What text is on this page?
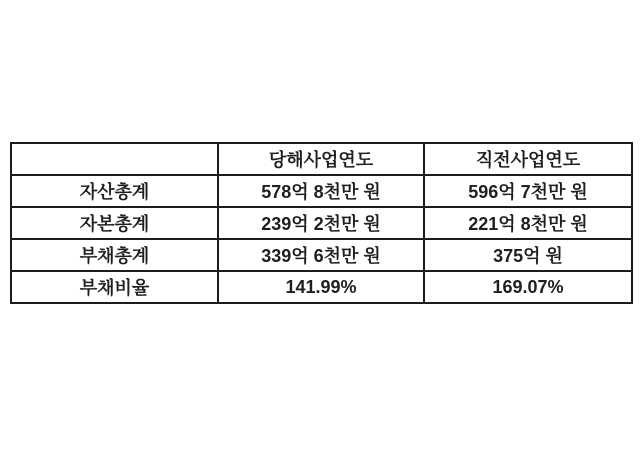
	당해사업연도	직전사업연도
자산총계	578억 8천만 원	596억 7천만 원
자본총계	239억 2천만 원	221억 8천만 원
부채총계	339억 6천만 원	375억 원
부채비율	141.99%	169.07%
